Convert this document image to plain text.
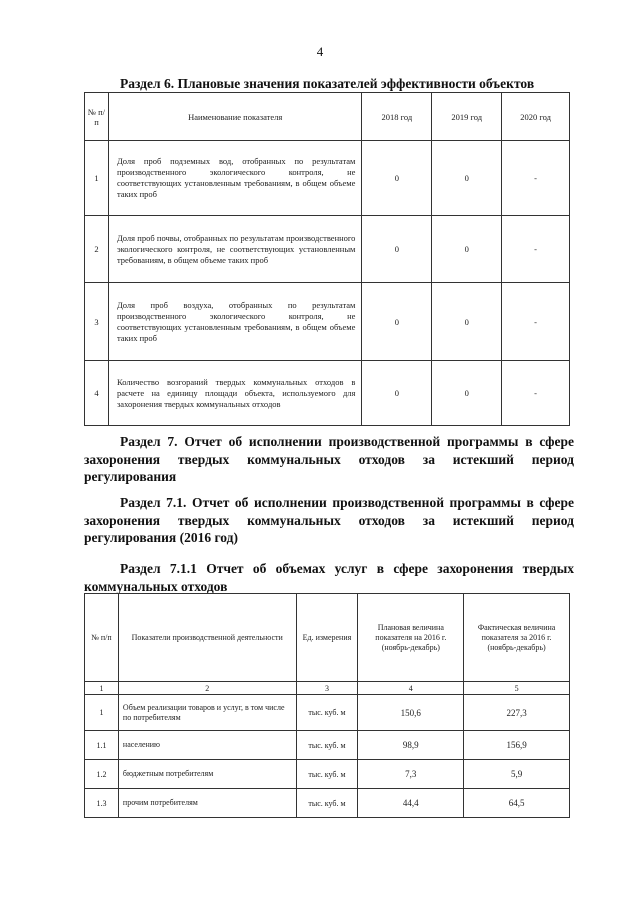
4
Раздел 6. Плановые значения показателей эффективности объектов
№ п/п	Наименование показателя	2018 год	2019 год	2020 год
1	Доля проб подземных вод, отобранных по результатам производственного экологического контроля, не соответствующих установленным требованиям, в общем объеме таких проб	0	0	-
2	Доля проб почвы, отобранных по результатам производственного экологического контроля, не соответствующих установленным требованиям, в общем объеме таких проб	0	0	-
3	Доля проб воздуха, отобранных по результатам производственного экологического контроля, не соответствующих установленным требованиям, в общем объеме таких проб	0	0	-
4	Количество возгораний твердых коммунальных отходов в расчете на единицу площади объекта, используемого для захоронения твердых коммунальных отходов	0	0	-
Раздел 7. Отчет об исполнении производственной программы в сфере захоронения твердых коммунальных отходов за истекший период регулирования
Раздел 7.1. Отчет об исполнении производственной программы в сфере захоронения твердых коммунальных отходов за истекший период регулирования (2016 год)
Раздел 7.1.1 Отчет об объемах услуг в сфере захоронения твердых коммунальных отходов
№ п/п	Показатели производственной деятельности	Ед. измерения	Плановая величина показателя на 2016 г. (ноябрь-декабрь)	Фактическая величина показателя за 2016 г. (ноябрь-декабрь)
1	2	3	4	5
1	Объем реализации товаров и услуг, в том числе по потребителям	тыс. куб. м	150,6	227,3
1.1	населению	тыс. куб. м	98,9	156,9
1.2	бюджетным потребителям	тыс. куб. м	7,3	5,9
1.3	прочим потребителям	тыс. куб. м	44,4	64,5
